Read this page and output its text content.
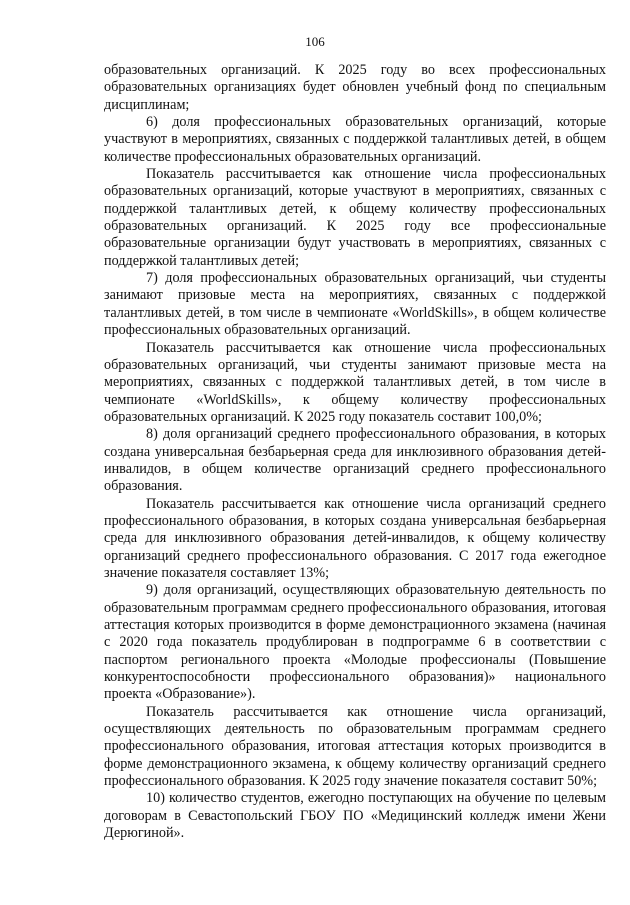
106

образовательных организаций. К 2025 году во всех профессиональных образовательных организациях будет обновлен учебный фонд по специальным дисциплинам;

6) доля профессиональных образовательных организаций, которые участвуют в мероприятиях, связанных с поддержкой талантливых детей, в общем количестве профессиональных образовательных организаций.

Показатель рассчитывается как отношение числа профессиональных образовательных организаций, которые участвуют в мероприятиях, связанных с поддержкой талантливых детей, к общему количеству профессиональных образовательных организаций. К 2025 году все профессиональные образовательные организации будут участвовать в мероприятиях, связанных с поддержкой талантливых детей;

7) доля профессиональных образовательных организаций, чьи студенты занимают призовые места на мероприятиях, связанных с поддержкой талантливых детей, в том числе в чемпионате «WorldSkills», в общем количестве профессиональных образовательных организаций.

Показатель рассчитывается как отношение числа профессиональных образовательных организаций, чьи студенты занимают призовые места на мероприятиях, связанных с поддержкой талантливых детей, в том числе в чемпионате «WorldSkills», к общему количеству профессиональных образовательных организаций. К 2025 году показатель составит 100,0%;

8) доля организаций среднего профессионального образования, в которых создана универсальная безбарьерная среда для инклюзивного образования детей-инвалидов, в общем количестве организаций среднего профессионального образования.

Показатель рассчитывается как отношение числа организаций среднего профессионального образования, в которых создана универсальная безбарьерная среда для инклюзивного образования детей-инвалидов, к общему количеству организаций среднего профессионального образования. С 2017 года ежегодное значение показателя составляет 13%;

9) доля организаций, осуществляющих образовательную деятельность по образовательным программам среднего профессионального образования, итоговая аттестация которых производится в форме демонстрационного экзамена (начиная с 2020 года показатель продублирован в подпрограмме 6 в соответствии с паспортом регионального проекта «Молодые профессионалы (Повышение конкурентоспособности профессионального образования)» национального проекта «Образование»).

Показатель рассчитывается как отношение числа организаций, осуществляющих деятельность по образовательным программам среднего профессионального образования, итоговая аттестация которых производится в форме демонстрационного экзамена, к общему количеству организаций среднего профессионального образования. К 2025 году значение показателя составит 50%;

10) количество студентов, ежегодно поступающих на обучение по целевым договорам в Севастопольский ГБОУ ПО «Медицинский колледж имени Жени Дерюгиной».
